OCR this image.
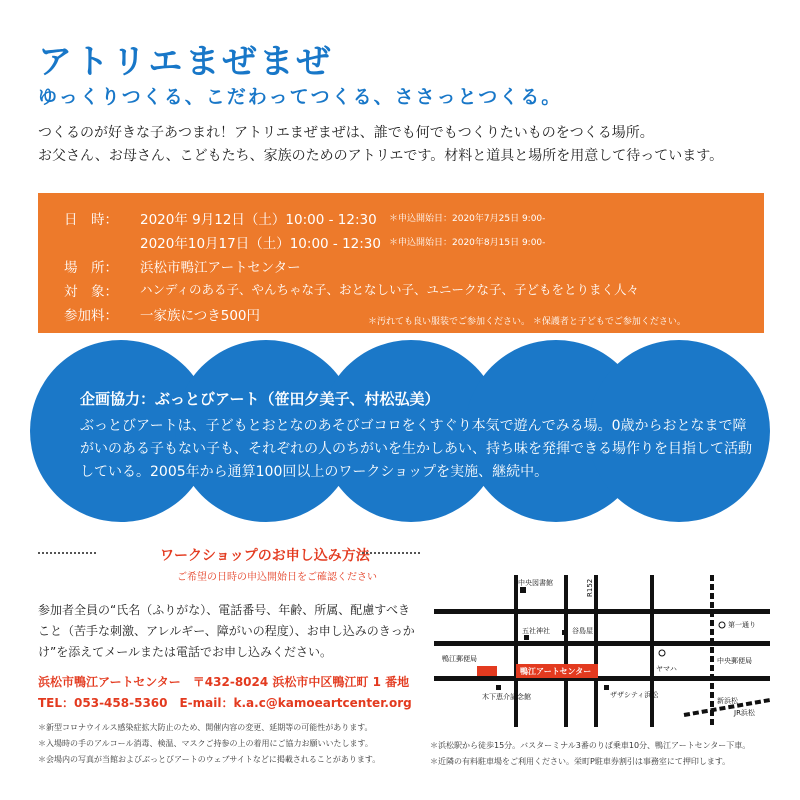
アトリエまぜまぜ
ゆっくりつくる、こだわってつくる、ささっとつくる。
つくるのが好きな子あつまれ！アトリエまぜまぜは、誰でも何でもつくりたいものをつくる場所。
お父さん、お母さん、こどもたち、家族のためのアトリエです。材料と道具と場所を用意して待っています。
日　時：	2020年 9月12日（土）10:00 - 12:30 ＊申込開始日：2020年7月25日 9:00-
2020年10月17日（土）10:00 - 12:30 ＊申込開始日：2020年8月15日 9:00-
場　所：	浜松市鴨江アートセンター
対　象：	ハンディのある子、やんちゃな子、おとなしい子、ユニークな子、子どもをとりまく人々
参加料：	一家族につき500円	＊汚れても良い服装でご参加ください。 ＊保護者と子どもでご参加ください。
企画協力：ぶっとびアート（笹田夕美子、村松弘美）
ぶっとびアートは、子どもとおとなのあそびゴコロをくすぐり本気で遊んでみる場。0歳からおとなまで障がいのある子もない子も、それぞれの人のちがいを生かしあい、持ち味を発揮できる場作りを目指して活動している。2005年から通算100回以上のワークショップを実施、継続中。
ワークショップのお申し込み方法
ご希望の日時の申込開始日をご確認ください
参加者全員の“氏名（ふりがな）、電話番号、年齢、所属、配慮すべきこと（苦手な刺激、アレルギー、障がいの程度）、お申し込みのきっかけ”を添えてメールまたは電話でお申し込みください。
浜松市鴨江アートセンター　〒432-8024 浜松市中区鴨江町 1 番地
TEL：053-458-5360　E-mail：k.a.c@kamoeartcenter.org
＊新型コロナウイルス感染症拡大防止のため、開催内容の変更、延期等の可能性があります。
＊入場時の手のアルコール消毒、検温、マスクご持参の上の着用にご協力お願いいたします。
＊会場内の写真が当館およびぶっとびアートのウェブサイトなどに掲載されることがあります。
中央図書館	R152
五社神社	谷島屋
第一通り
鴨江郵便局
鴨江アートセンター	ヤマハ
中央郵便局
木下恵介記念館	ザザシティ浜松
新浜松
JR浜松
＊浜松駅から徒歩15分。バスターミナル3番のりば乗車10分、鴨江アートセンター下車。
＊近隣の有料駐車場をご利用ください。栄町P駐車券割引は事務室にて押印します。
